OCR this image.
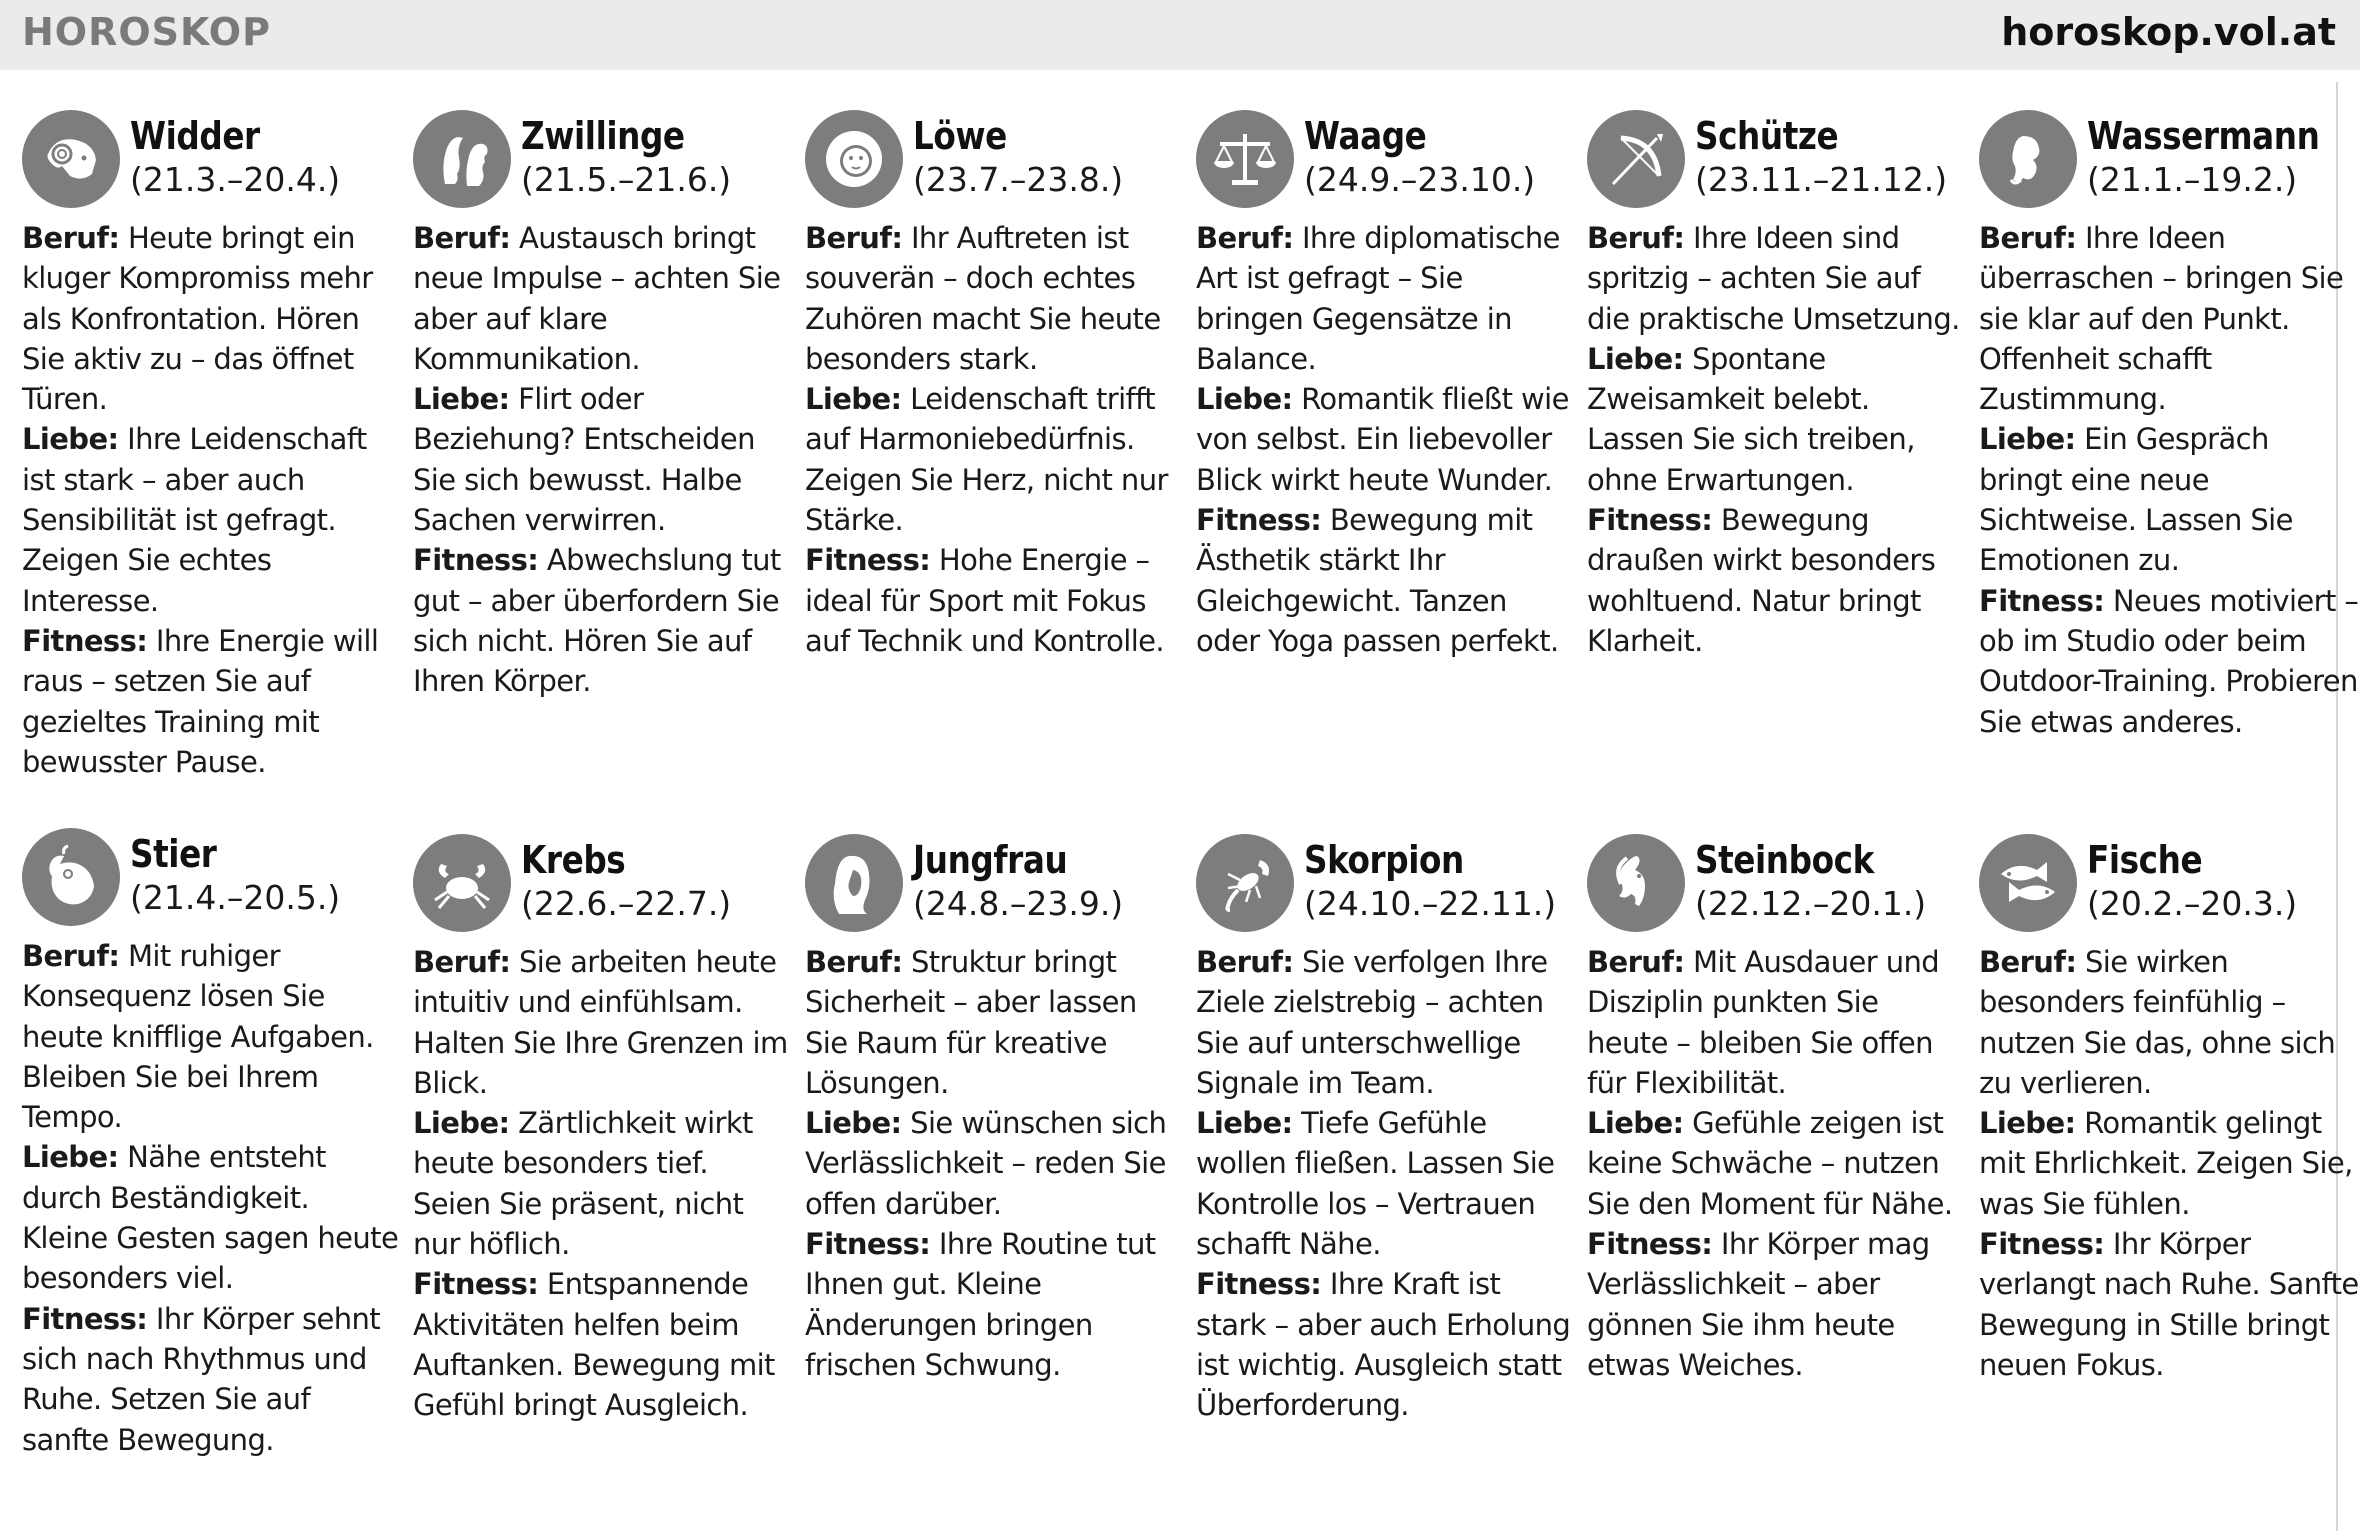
HOROSKOP	horoskop.vol.at
Widder
(21.3.–20.4.)

Beruf: Heute bringt ein kluger Kompromiss mehr als Konfrontation. Hören Sie aktiv zu – das öffnet Türen.

Liebe: Ihre Leidenschaft ist stark – aber auch Sensibilität ist gefragt. Zeigen Sie echtes Interesse.

Fitness: Ihre Energie will raus – setzen Sie auf gezieltes Training mit bewusster Pause.

Zwillinge
(21.5.–21.6.)

Beruf: Austausch bringt neue Impulse – achten Sie aber auf klare Kommunikation.

Liebe: Flirt oder Beziehung? Entscheiden Sie sich bewusst. Halbe Sachen verwirren.

Fitness: Abwechslung tut gut – aber überfordern Sie sich nicht. Hören Sie auf Ihren Körper.

Löwe
(23.7.–23.8.)

Beruf: Ihr Auftreten ist souverän – doch echtes Zuhören macht Sie heute besonders stark.

Liebe: Leidenschaft trifft auf Harmoniebedürfnis. Zeigen Sie Herz, nicht nur Stärke.

Fitness: Hohe Energie – ideal für Sport mit Fokus auf Technik und Kontrolle.

Waage
(24.9.–23.10.)

Beruf: Ihre diplomatische Art ist gefragt – Sie bringen Gegensätze in Balance.

Liebe: Romantik fließt wie von selbst. Ein liebevoller Blick wirkt heute Wunder.

Fitness: Bewegung mit Ästhetik stärkt Ihr Gleichgewicht. Tanzen oder Yoga passen perfekt.

Schütze
(23.11.–21.12.)

Beruf: Ihre Ideen sind spritzig – achten Sie auf die praktische Umsetzung.

Liebe: Spontane Zweisamkeit belebt. Lassen Sie sich treiben, ohne Erwartungen.

Fitness: Bewegung draußen wirkt besonders wohltuend. Natur bringt Klarheit.

Wassermann
(21.1.–19.2.)

Beruf: Ihre Ideen überraschen – bringen Sie sie klar auf den Punkt. Offenheit schafft Zustimmung.

Liebe: Ein Gespräch bringt eine neue Sichtweise. Lassen Sie Emotionen zu.

Fitness: Neues motiviert – ob im Studio oder beim Outdoor-Training. Probieren Sie etwas anderes.

Stier
(21.4.–20.5.)

Beruf: Mit ruhiger Konsequenz lösen Sie heute knifflige Aufgaben. Bleiben Sie bei Ihrem Tempo.

Liebe: Nähe entsteht durch Beständigkeit. Kleine Gesten sagen heute besonders viel.

Fitness: Ihr Körper sehnt sich nach Rhythmus und Ruhe. Setzen Sie auf sanfte Bewegung.

Krebs
(22.6.–22.7.)

Beruf: Sie arbeiten heute intuitiv und einfühlsam. Halten Sie Ihre Grenzen im Blick.

Liebe: Zärtlichkeit wirkt heute besonders tief. Seien Sie präsent, nicht nur höflich.

Fitness: Entspannende Aktivitäten helfen beim Auftanken. Bewegung mit Gefühl bringt Ausgleich.

Jungfrau
(24.8.–23.9.)

Beruf: Struktur bringt Sicherheit – aber lassen Sie Raum für kreative Lösungen.

Liebe: Sie wünschen sich Verlässlichkeit – reden Sie offen darüber.

Fitness: Ihre Routine tut Ihnen gut. Kleine Änderungen bringen frischen Schwung.

Skorpion
(24.10.–22.11.)

Beruf: Sie verfolgen Ihre Ziele zielstrebig – achten Sie auf unterschwellige Signale im Team.

Liebe: Tiefe Gefühle wollen fließen. Lassen Sie Kontrolle los – Vertrauen schafft Nähe.

Fitness: Ihre Kraft ist stark – aber auch Erholung ist wichtig. Ausgleich statt Überforderung.

Steinbock
(22.12.–20.1.)

Beruf: Mit Ausdauer und Disziplin punkten Sie heute – bleiben Sie offen für Flexibilität.

Liebe: Gefühle zeigen ist keine Schwäche – nutzen Sie den Moment für Nähe.

Fitness: Ihr Körper mag Verlässlichkeit – aber gönnen Sie ihm heute etwas Weiches.

Fische
(20.2.–20.3.)

Beruf: Sie wirken besonders feinfühlig – nutzen Sie das, ohne sich zu verlieren.

Liebe: Romantik gelingt mit Ehrlichkeit. Zeigen Sie, was Sie fühlen.

Fitness: Ihr Körper verlangt nach Ruhe. Sanfte Bewegung in Stille bringt neuen Fokus.
